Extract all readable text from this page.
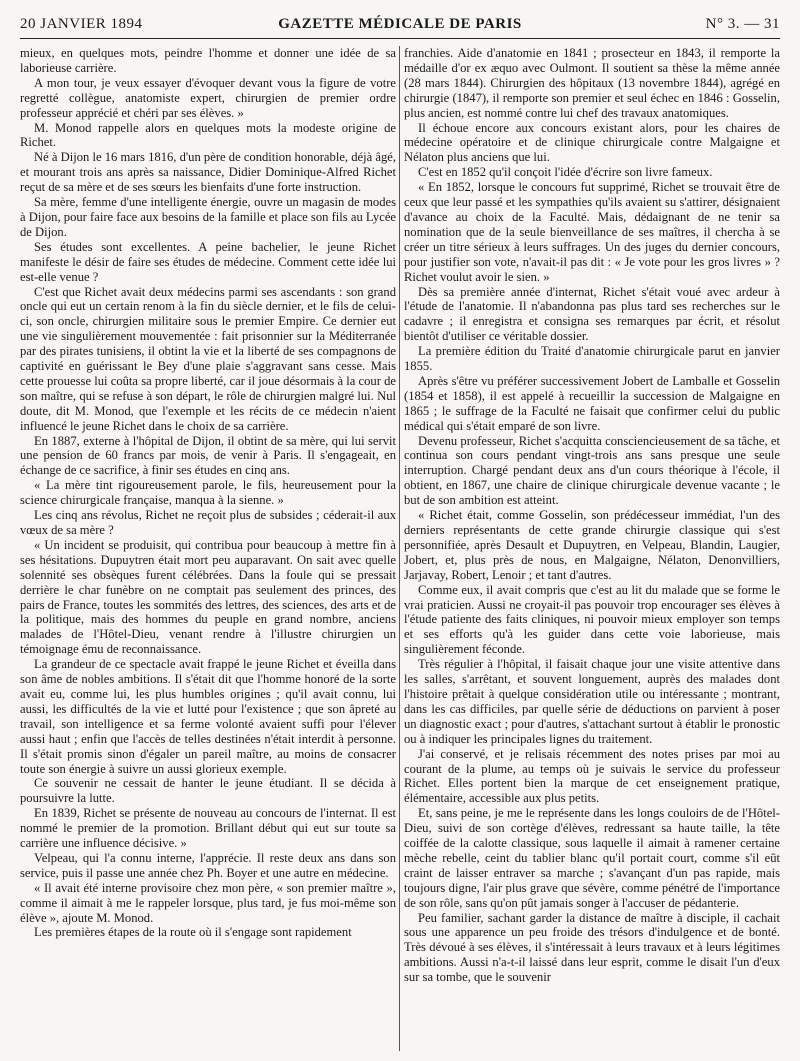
20 JANVIER 1894	GAZETTE MÉDICALE DE PARIS	N° 3. — 31

mieux, en quelques mots, peindre l'homme et donner une idée de sa laborieuse carrière.

A mon tour, je veux essayer d'évoquer devant vous la figure de votre regretté collègue, anatomiste expert, chirurgien de premier ordre professeur apprécié et chéri par ses élèves. »

M. Monod rappelle alors en quelques mots la modeste origine de Richet.

Né à Dijon le 16 mars 1816, d'un père de condition honorable, déjà âgé, et mourant trois ans après sa naissance, Didier Dominique-Alfred Richet reçut de sa mère et de ses sœurs les bienfaits d'une forte instruction.

Sa mère, femme d'une intelligente énergie, ouvre un magasin de modes à Dijon, pour faire face aux besoins de la famille et place son fils au Lycée de Dijon.

Ses études sont excellentes. A peine bachelier, le jeune Richet manifeste le désir de faire ses études de médecine. Comment cette idée lui est-elle venue ?

C'est que Richet avait deux médecins parmi ses ascendants : son grand oncle qui eut un certain renom à la fin du siècle dernier, et le fils de celui-ci, son oncle, chirurgien militaire sous le premier Empire. Ce dernier eut une vie singulièrement mouvementée : fait prisonnier sur la Méditerranée par des pirates tunisiens, il obtint la vie et la liberté de ses compagnons de captivité en guérissant le Bey d'une plaie s'aggravant sans cesse. Mais cette prouesse lui coûta sa propre liberté, car il joue désormais à la cour de son maître, qui se refuse à son départ, le rôle de chirurgien malgré lui. Nul doute, dit M. Monod, que l'exemple et les récits de ce médecin n'aient influencé le jeune Richet dans le choix de sa carrière.

En 1887, externe à l'hôpital de Dijon, il obtint de sa mère, qui lui servit une pension de 60 francs par mois, de venir à Paris. Il s'engageait, en échange de ce sacrifice, à finir ses études en cinq ans.

« La mère tint rigoureusement parole, le fils, heureusement pour la science chirurgicale française, manqua à la sienne. »

Les cinq ans révolus, Richet ne reçoit plus de subsides ; céderait-il aux vœux de sa mère ?

« Un incident se produisit, qui contribua pour beaucoup à mettre fin à ses hésitations. Dupuytren était mort peu auparavant. On sait avec quelle solennité ses obsèques furent célébrées. Dans la foule qui se pressait derrière le char funèbre on ne comptait pas seulement des princes, des pairs de France, toutes les sommités des lettres, des sciences, des arts et de la politique, mais des hommes du peuple en grand nombre, anciens malades de l'Hôtel-Dieu, venant rendre à l'illustre chirurgien un témoignage ému de reconnaissance.

La grandeur de ce spectacle avait frappé le jeune Richet et éveilla dans son âme de nobles ambitions. Il s'était dit que l'homme honoré de la sorte avait eu, comme lui, les plus humbles origines ; qu'il avait connu, lui aussi, les difficultés de la vie et lutté pour l'existence ; que son âpreté au travail, son intelligence et sa ferme volonté avaient suffi pour l'élever aussi haut ; enfin que l'accès de telles destinées n'était interdit à personne. Il s'était promis sinon d'égaler un pareil maître, au moins de consacrer toute son énergie à suivre un aussi glorieux exemple.

Ce souvenir ne cessait de hanter le jeune étudiant. Il se décida à poursuivre la lutte.

En 1839, Richet se présente de nouveau au concours de l'internat. Il est nommé le premier de la promotion. Brillant début qui eut sur toute sa carrière une influence décisive. »

Velpeau, qui l'a connu interne, l'apprécie. Il reste deux ans dans son service, puis il passe une année chez Ph. Boyer et une autre en médecine.

« Il avait été interne provisoire chez mon père, « son premier maître », comme il aimait à me le rappeler lorsque, plus tard, je fus moi-même son élève », ajoute M. Monod.

Les premières étapes de la route où il s'engage sont rapidement

franchies. Aide d'anatomie en 1841 ; prosecteur en 1843, il remporte la médaille d'or ex æquo avec Oulmont. Il soutient sa thèse la même année (28 mars 1844). Chirurgien des hôpitaux (13 novembre 1844), agrégé en chirurgie (1847), il remporte son premier et seul échec en 1846 : Gosselin, plus ancien, est nommé contre lui chef des travaux anatomiques.

Il échoue encore aux concours existant alors, pour les chaires de médecine opératoire et de clinique chirurgicale contre Malgaigne et Nélaton plus anciens que lui.

C'est en 1852 qu'il conçoit l'idée d'écrire son livre fameux.

« En 1852, lorsque le concours fut supprimé, Richet se trouvait être de ceux que leur passé et les sympathies qu'ils avaient su s'attirer, désignaient d'avance au choix de la Faculté. Mais, dédaignant de ne tenir sa nomination que de la seule bienveillance de ses maîtres, il chercha à se créer un titre sérieux à leurs suffrages. Un des juges du dernier concours, pour justifier son vote, n'avait-il pas dit : « Je vote pour les gros livres » ? Richet voulut avoir le sien. »

Dès sa première année d'internat, Richet s'était voué avec ardeur à l'étude de l'anatomie. Il n'abandonna pas plus tard ses recherches sur le cadavre ; il enregistra et consigna ses remarques par écrit, et résolut bientôt d'utiliser ce véritable dossier.

La première édition du Traité d'anatomie chirurgicale parut en janvier 1855.

Après s'être vu préférer successivement Jobert de Lamballe et Gosselin (1854 et 1858), il est appelé à recueillir la succession de Malgaigne en 1865 ; le suffrage de la Faculté ne faisait que confirmer celui du public médical qui s'était emparé de son livre.

Devenu professeur, Richet s'acquitta consciencieusement de sa tâche, et continua son cours pendant vingt-trois ans sans presque une seule interruption. Chargé pendant deux ans d'un cours théorique à l'école, il obtient, en 1867, une chaire de clinique chirurgicale devenue vacante ; le but de son ambition est atteint.

« Richet était, comme Gosselin, son prédécesseur immédiat, l'un des derniers représentants de cette grande chirurgie classique qui s'est personnifiée, après Desault et Dupuytren, en Velpeau, Blandin, Laugier, Jobert, et, plus près de nous, en Malgaigne, Nélaton, Denonvilliers, Jarjavay, Robert, Lenoir ; et tant d'autres.

Comme eux, il avait compris que c'est au lit du malade que se forme le vrai praticien. Aussi ne croyait-il pas pouvoir trop encourager ses élèves à l'étude patiente des faits cliniques, ni pouvoir mieux employer son temps et ses efforts qu'à les guider dans cette voie laborieuse, mais singulièrement féconde.

Très régulier à l'hôpital, il faisait chaque jour une visite attentive dans les salles, s'arrêtant, et souvent longuement, auprès des malades dont l'histoire prêtait à quelque considération utile ou intéressante ; montrant, dans les cas difficiles, par quelle série de déductions on parvient à poser un diagnostic exact ; pour d'autres, s'attachant surtout à établir le pronostic ou à indiquer les principales lignes du traitement.

J'ai conservé, et je relisais récemment des notes prises par moi au courant de la plume, au temps où je suivais le service du professeur Richet. Elles portent bien la marque de cet enseignement pratique, élémentaire, accessible aux plus petits.

Et, sans peine, je me le représente dans les longs couloirs de de l'Hôtel-Dieu, suivi de son cortège d'élèves, redressant sa haute taille, la tête coiffée de la calotte classique, sous laquelle il aimait à ramener certaine mèche rebelle, ceint du tablier blanc qu'il portait court, comme s'il eût craint de laisser entraver sa marche ; s'avançant d'un pas rapide, mais toujours digne, l'air plus grave que sévère, comme pénétré de l'importance de son rôle, sans qu'on pût jamais songer à l'accuser de pédanterie.

Peu familier, sachant garder la distance de maître à disciple, il cachait sous une apparence un peu froide des trésors d'indulgence et de bonté. Très dévoué à ses élèves, il s'intéressait à leurs travaux et à leurs légitimes ambitions. Aussi n'a-t-il laissé dans leur esprit, comme le disait l'un d'eux sur sa tombe, que le souvenir
